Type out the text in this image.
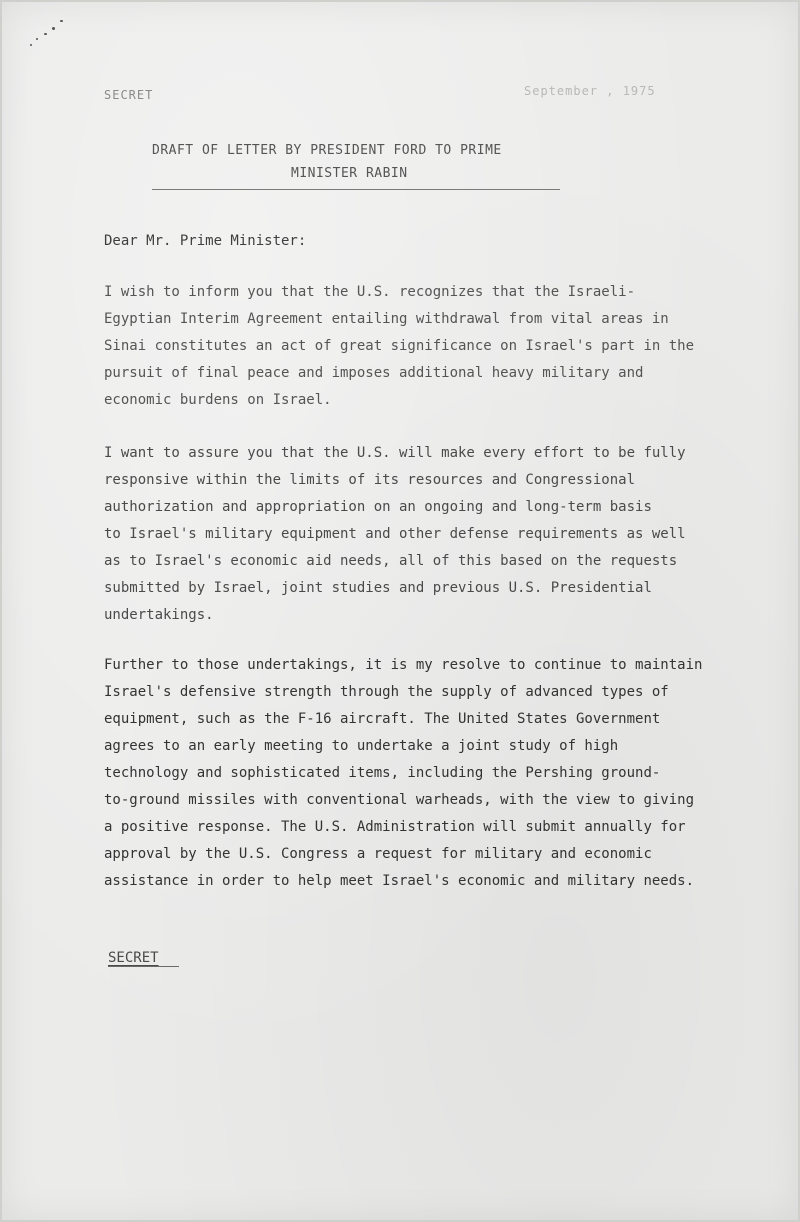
SECRET	September , 1975
DRAFT OF LETTER BY PRESIDENT FORD TO PRIME
MINISTER RABIN
Dear Mr. Prime Minister:

I wish to inform you that the U.S. recognizes that the Israeli-
Egyptian Interim Agreement entailing withdrawal from vital areas in
Sinai constitutes an act of great significance on Israel's part in the
pursuit of final peace and imposes additional heavy military and
economic burdens on Israel.

I want to assure you that the U.S. will make every effort to be fully
responsive within the limits of its resources and Congressional
authorization and appropriation on an ongoing and long-term basis
to Israel's military equipment and other defense requirements as well
as to Israel's economic aid needs, all of this based on the requests
submitted by Israel, joint studies and previous U.S. Presidential
undertakings.

Further to those undertakings, it is my resolve to continue to maintain
Israel's defensive strength through the supply of advanced types of
equipment, such as the F-16 aircraft. The United States Government
agrees to an early meeting to undertake a joint study of high
technology and sophisticated items, including the Pershing ground-
to-ground missiles with conventional warheads, with the view to giving
a positive response. The U.S. Administration will submit annually for
approval by the U.S. Congress a request for military and economic
assistance in order to help meet Israel's economic and military needs.

SECRET
